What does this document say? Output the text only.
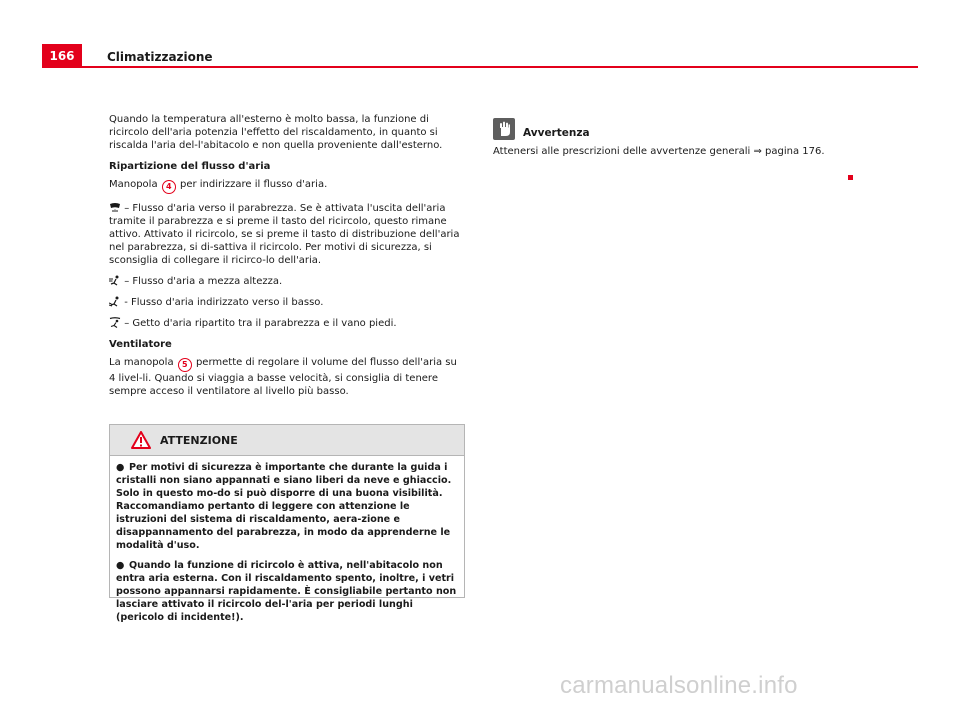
166	Climatizzazione

Quando la temperatura all'esterno è molto bassa, la funzione di ricircolo dell'aria potenzia l'effetto del riscaldamento, in quanto si riscalda l'aria del-l'abitacolo e non quella proveniente dall'esterno.

Ripartizione del flusso d'aria

Manopola 4 per indirizzare il flusso d'aria.

– Flusso d'aria verso il parabrezza. Se è attivata l'uscita dell'aria tramite il parabrezza e si preme il tasto del ricircolo, questo rimane attivo. Attivato il ricircolo, se si preme il tasto di distribuzione dell'aria nel parabrezza, si di-sattiva il ricircolo. Per motivi di sicurezza, si sconsiglia di collegare il ricirco-lo dell'aria.

– Flusso d'aria a mezza altezza.

- Flusso d'aria indirizzato verso il basso.

– Getto d'aria ripartito tra il parabrezza e il vano piedi.

Ventilatore

La manopola 5 permette di regolare il volume del flusso dell'aria su 4 livel-li. Quando si viaggia a basse velocità, si consiglia di tenere sempre acceso il ventilatore al livello più basso.

ATTENZIONE

● Per motivi di sicurezza è importante che durante la guida i cristalli non siano appannati e siano liberi da neve e ghiaccio. Solo in questo mo-do si può disporre di una buona visibilità. Raccomandiamo pertanto di leggere con attenzione le istruzioni del sistema di riscaldamento, aera-zione e disappannamento del parabrezza, in modo da apprenderne le modalità d'uso.

● Quando la funzione di ricircolo è attiva, nell'abitacolo non entra aria esterna. Con il riscaldamento spento, inoltre, i vetri possono appannarsi rapidamente. È consigliabile pertanto non lasciare attivato il ricircolo del-l'aria per periodi lunghi (pericolo di incidente!).

Avvertenza
Attenersi alle prescrizioni delle avvertenze generali ⇒ pagina 176.
carmanualsonline.info
